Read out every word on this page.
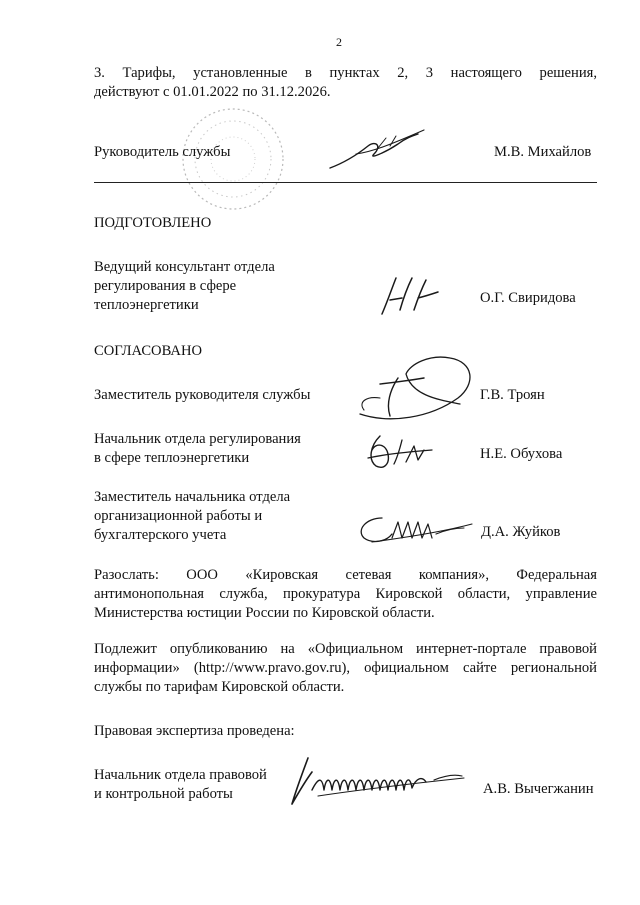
2
3. Тарифы, установленные в пунктах 2, 3 настоящего решения,
действуют с 01.01.2022 по 31.12.2026.
Руководитель службы	М.В. Михайлов
ПОДГОТОВЛЕНО
Ведущий консультант отдела
регулирования в сфере
теплоэнергетики	О.Г. Свиридова
СОГЛАСОВАНО
Заместитель руководителя службы	Г.В. Троян
Начальник отдела регулирования
в сфере теплоэнергетики	Н.Е. Обухова
Заместитель начальника отдела
организационной работы и
бухгалтерского учета	Д.А. Жуйков
Разослать: ООО «Кировская сетевая компания», Федеральная
антимонопольная служба, прокуратура Кировской области, управление
Министерства юстиции России по Кировской области.
Подлежит опубликованию на «Официальном интернет-портале правовой
информации» (http://www.pravo.gov.ru), официальном сайте региональной
службы по тарифам Кировской области.
Правовая экспертиза проведена:
Начальник отдела правовой
и контрольной работы	А.В. Вычегжанин
